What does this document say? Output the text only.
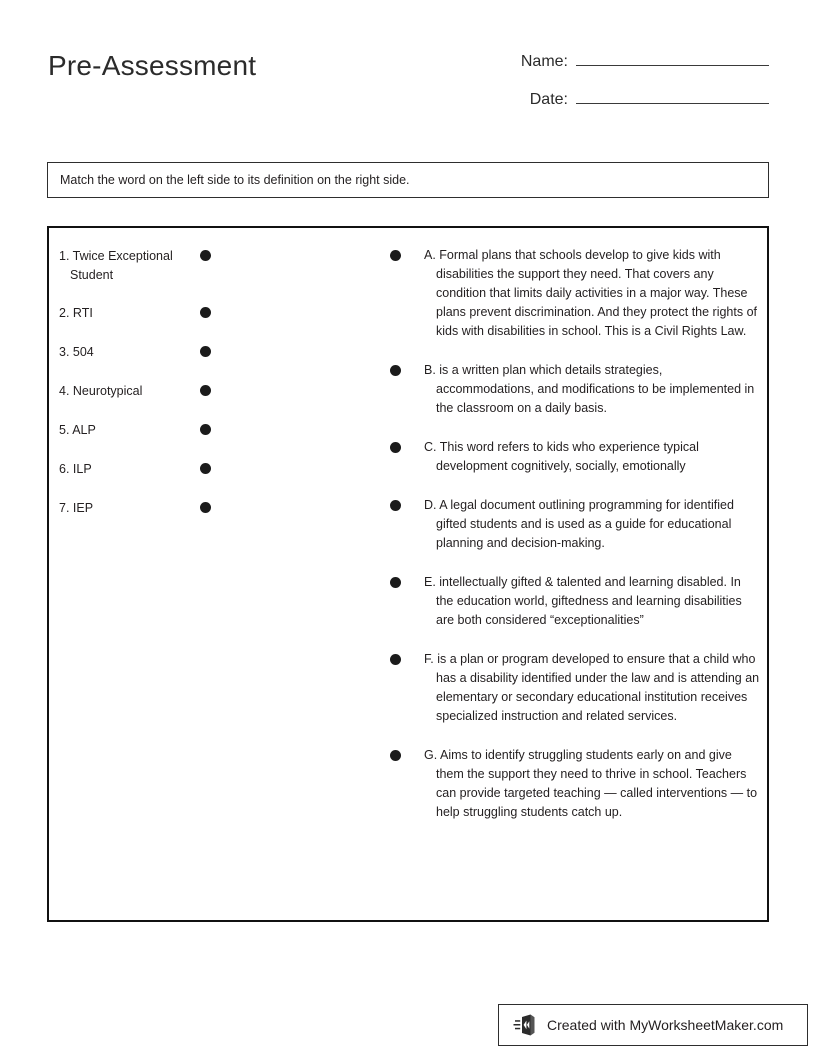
Pre-Assessment	Name:
Date:
Match the word on the left side to its definition on the right side.
1. Twice Exceptional Student
2. RTI
3. 504
4. Neurotypical
5. ALP
6. ILP
7. IEP
A. Formal plans that schools develop to give kids with disabilities the support they need. That covers any condition that limits daily activities in a major way. These plans prevent discrimination. And they protect the rights of kids with disabilities in school. This is a Civil Rights Law.
B. is a written plan which details strategies, accommodations, and modifications to be implemented in the classroom on a daily basis.
C. This word refers to kids who experience typical development cognitively, socially, emotionally
D. A legal document outlining programming for identified gifted students and is used as a guide for educational planning and decision-making.
E. intellectually gifted & talented and learning disabled. In the education world, giftedness and learning disabilities are both considered “exceptionalities”
F. is a plan or program developed to ensure that a child who has a disability identified under the law and is attending an elementary or secondary educational institution receives specialized instruction and related services.
G. Aims to identify struggling students early on and give them the support they need to thrive in school. Teachers can provide targeted teaching — called interventions — to help struggling students catch up.
Created with MyWorksheetMaker.com
